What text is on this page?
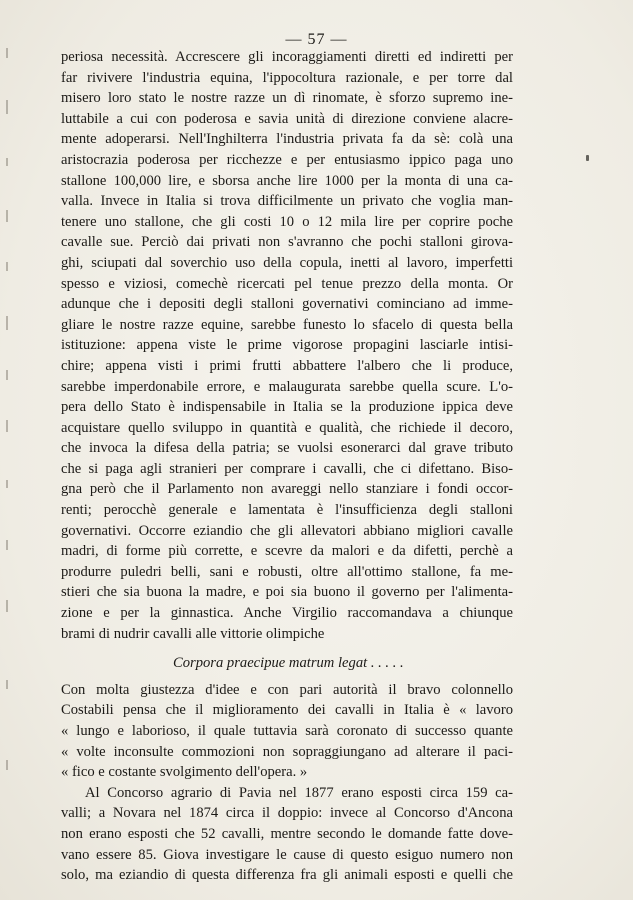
— 57 —
periosa necessità. Accrescere gli incoraggiamenti diretti ed indiretti per
far rivivere l'industria equina, l'ippocoltura razionale, e per torre dal
misero loro stato le nostre razze un dì rinomate, è sforzo supremo ine-
luttabile a cui con poderosa e savia unità di direzione conviene alacre-
mente adoperarsi. Nell'Inghilterra l'industria privata fa da sè: colà una
aristocrazia poderosa per ricchezze e per entusiasmo ippico paga uno
stallone 100,000 lire, e sborsa anche lire 1000 per la monta di una ca-
valla. Invece in Italia si trova difficilmente un privato che voglia man-
tenere uno stallone, che gli costi 10 o 12 mila lire per coprire poche
cavalle sue. Perciò dai privati non s'avranno che pochi stalloni girova-
ghi, sciupati dal soverchio uso della copula, inetti al lavoro, imperfetti
spesso e viziosi, comechè ricercati pel tenue prezzo della monta. Or
adunque che i depositi degli stalloni governativi cominciano ad imme-
gliare le nostre razze equine, sarebbe funesto lo sfacelo di questa bella
istituzione: appena viste le prime vigorose propagini lasciarle intisi-
chire; appena visti i primi frutti abbattere l'albero che li produce,
sarebbe imperdonabile errore, e malaugurata sarebbe quella scure. L'o-
pera dello Stato è indispensabile in Italia se la produzione ippica deve
acquistare quello sviluppo in quantità e qualità, che richiede il decoro,
che invoca la difesa della patria; se vuolsi esonerarci dal grave tributo
che si paga agli stranieri per comprare i cavalli, che ci difettano. Biso-
gna però che il Parlamento non avareggi nello stanziare i fondi occor-
renti; perocchè generale e lamentata è l'insufficienza degli stalloni
governativi. Occorre eziandio che gli allevatori abbiano migliori cavalle
madri, di forme più corrette, e scevre da malori e da difetti, perchè a
produrre puledri belli, sani e robusti, oltre all'ottimo stallone, fa me-
stieri che sia buona la madre, e poi sia buono il governo per l'alimenta-
zione e per la ginnastica. Anche Virgilio raccomandava a chiunque
brami di nudrir cavalli alle vittorie olimpiche
Corpora praecipue matrum legat . . . . .
Con molta giustezza d'idee e con pari autorità il bravo colonnello
Costabili pensa che il miglioramento dei cavalli in Italia è « lavoro
« lungo e laborioso, il quale tuttavia sarà coronato di successo quante
« volte inconsulte commozioni non sopraggiungano ad alterare il paci-
« fico e costante svolgimento dell'opera. »
Al Concorso agrario di Pavia nel 1877 erano esposti circa 159 ca-
valli; a Novara nel 1874 circa il doppio: invece al Concorso d'Ancona
non erano esposti che 52 cavalli, mentre secondo le domande fatte dove-
vano essere 85. Giova investigare le cause di questo esiguo numero non
solo, ma eziandio di questa differenza fra gli animali esposti e quelli che
